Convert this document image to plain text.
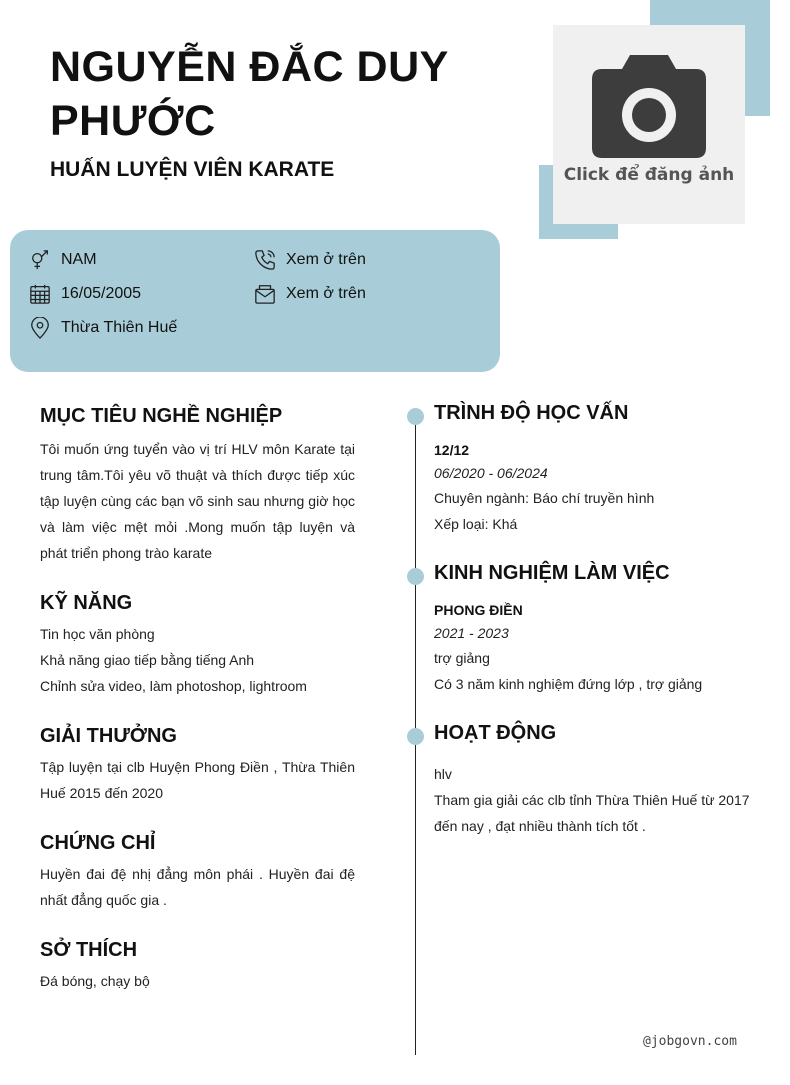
NGUYỄN ĐẮC DUY PHƯỚC
HUẤN LUYỆN VIÊN KARATE	Click để đăng ảnh
NAM
16/05/2005
Thừa Thiên Huế
Xem ở trên
Xem ở trên
MỤC TIÊU NGHỀ NGHIỆP
Tôi muốn ứng tuyển vào vị trí HLV môn Karate tại trung tâm.Tôi yêu võ thuật và thích được tiếp xúc tập luyện cùng các bạn võ sinh sau nhưng giờ học và làm việc mệt mỏi .Mong muốn tập luyện và phát triển phong trào karate
KỸ NĂNG
Tin học văn phòng
Khả năng giao tiếp bằng tiếng Anh
Chỉnh sửa video, làm photoshop, lightroom
GIẢI THƯỞNG
Tập luyện tại clb Huyện Phong Điền , Thừa Thiên Huế 2015 đến 2020
CHỨNG CHỈ
Huyền đai đệ nhị đẳng môn phái . Huyền đai đệ nhất đẳng quốc gia .
SỞ THÍCH
Đá bóng, chạy bộ
TRÌNH ĐỘ HỌC VẤN
12/12
06/2020 - 06/2024
Chuyên ngành: Báo chí truyền hình
Xếp loại: Khá
KINH NGHIỆM LÀM VIỆC
PHONG ĐIỀN
2021 - 2023
trợ giảng
Có 3 năm kinh nghiệm đứng lớp , trợ giảng
HOẠT ĐỘNG
hlv
Tham gia giải các clb tỉnh Thừa Thiên Huế từ 2017 đến nay , đạt nhiều thành tích tốt .
@jobgovn.com
